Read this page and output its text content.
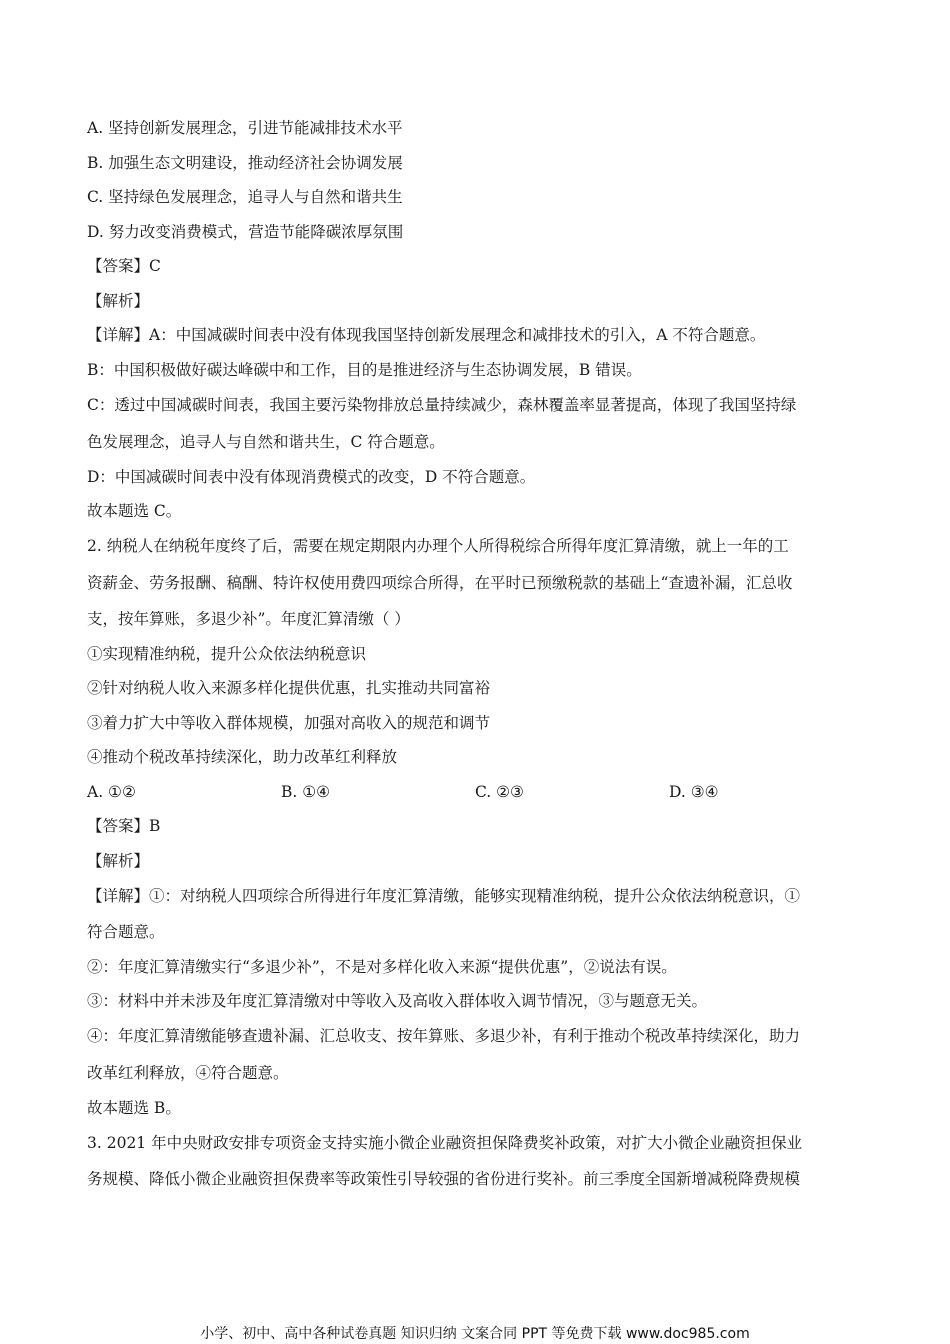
A. 坚持创新发展理念，引进节能减排技术水平
B. 加强生态文明建设，推动经济社会协调发展
C. 坚持绿色发展理念，追寻人与自然和谐共生
D. 努力改变消费模式，营造节能降碳浓厚氛围
【答案】C
【解析】
【详解】A：中国减碳时间表中没有体现我国坚持创新发展理念和减排技术的引入，A 不符合题意。
B：中国积极做好碳达峰碳中和工作，目的是推进经济与生态协调发展，B 错误。
C：透过中国减碳时间表，我国主要污染物排放总量持续减少，森林覆盖率显著提高，体现了我国坚持绿
色发展理念，追寻人与自然和谐共生，C 符合题意。
D：中国减碳时间表中没有体现消费模式的改变，D 不符合题意。
故本题选 C。
2. 纳税人在纳税年度终了后，需要在规定期限内办理个人所得税综合所得年度汇算清缴，就上一年的工
资薪金、劳务报酬、稿酬、特许权使用费四项综合所得，在平时已预缴税款的基础上“查遗补漏，汇总收
支，按年算账，多退少补”。年度汇算清缴（ ）
①实现精准纳税，提升公众依法纳税意识
②针对纳税人收入来源多样化提供优惠，扎实推动共同富裕
③着力扩大中等收入群体规模，加强对高收入的规范和调节
④推动个税改革持续深化，助力改革红利释放
A. ①②	B. ①④	C. ②③	D. ③④
【答案】B
【解析】
【详解】①：对纳税人四项综合所得进行年度汇算清缴，能够实现精准纳税，提升公众依法纳税意识，①
符合题意。
②：年度汇算清缴实行“多退少补”，不是对多样化收入来源“提供优惠”，②说法有误。
③：材料中并未涉及年度汇算清缴对中等收入及高收入群体收入调节情况，③与题意无关。
④：年度汇算清缴能够查遗补漏、汇总收支、按年算账、多退少补，有利于推动个税改革持续深化，助力
改革红利释放，④符合题意。
故本题选 B。
3. 2021 年中央财政安排专项资金支持实施小微企业融资担保降费奖补政策，对扩大小微企业融资担保业
务规模、降低小微企业融资担保费率等政策性引导较强的省份进行奖补。前三季度全国新增减税降费规模
小学、初中、高中各种试卷真题 知识归纳 文案合同 PPT 等免费下载 www.doc985.com
